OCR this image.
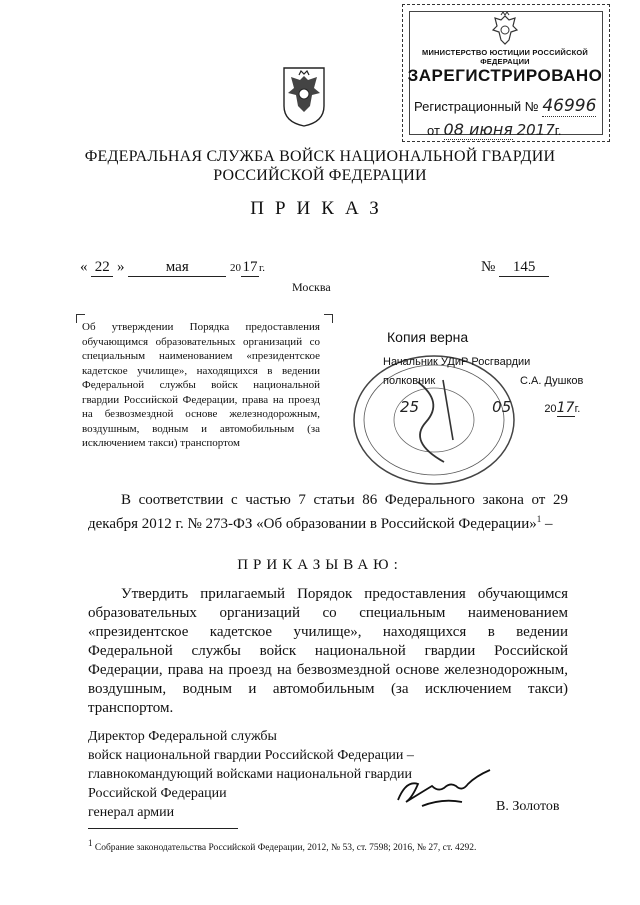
МИНИСТЕРСТВО ЮСТИЦИИ РОССИЙСКОЙ ФЕДЕРАЦИИ
ЗАРЕГИСТРИРОВАНО
Регистрационный № 46996
от 08 июня 2017г.
ФЕДЕРАЛЬНАЯ СЛУЖБА ВОЙСК НАЦИОНАЛЬНОЙ ГВАРДИИ
РОССИЙСКОЙ ФЕДЕРАЦИИ
ПРИКАЗ
« 22 »	мая	20 17 г.	№ 145
Москва
Об утверждении Порядка предоставления обучающимся образовательных организаций со специальным наименованием «президентское кадетское училище», находящихся в ведении Федеральной службы войск национальной гвардии Российской Федерации, права на проезд на безвозмездной основе железнодорожным, воздушным, водным и автомобильным (за исключением такси) транспортом
Копия верна
Начальник УДиР Росгвардии
полковник	С.А. Душков
25	05	2017г.
В соответствии с частью 7 статьи 86 Федерального закона от 29 декабря 2012 г. № 273-ФЗ «Об образовании в Российской Федерации»$^1$ –
ПРИКАЗЫВАЮ:
Утвердить прилагаемый Порядок предоставления обучающимся образовательных организаций со специальным наименованием «президентское кадетское училище», находящихся в ведении Федеральной службы войск национальной гвардии Российской Федерации, права на проезд на безвозмездной основе железнодорожным, воздушным, водным и автомобильным (за исключением такси) транспортом.
Директор Федеральной службы
войск национальной гвардии Российской Федерации –
главнокомандующий войсками национальной гвардии
Российской Федерации
генерал армии	В. Золотов
$^1$ Собрание законодательства Российской Федерации, 2012, № 53, ст. 7598; 2016, № 27, ст. 4292.
